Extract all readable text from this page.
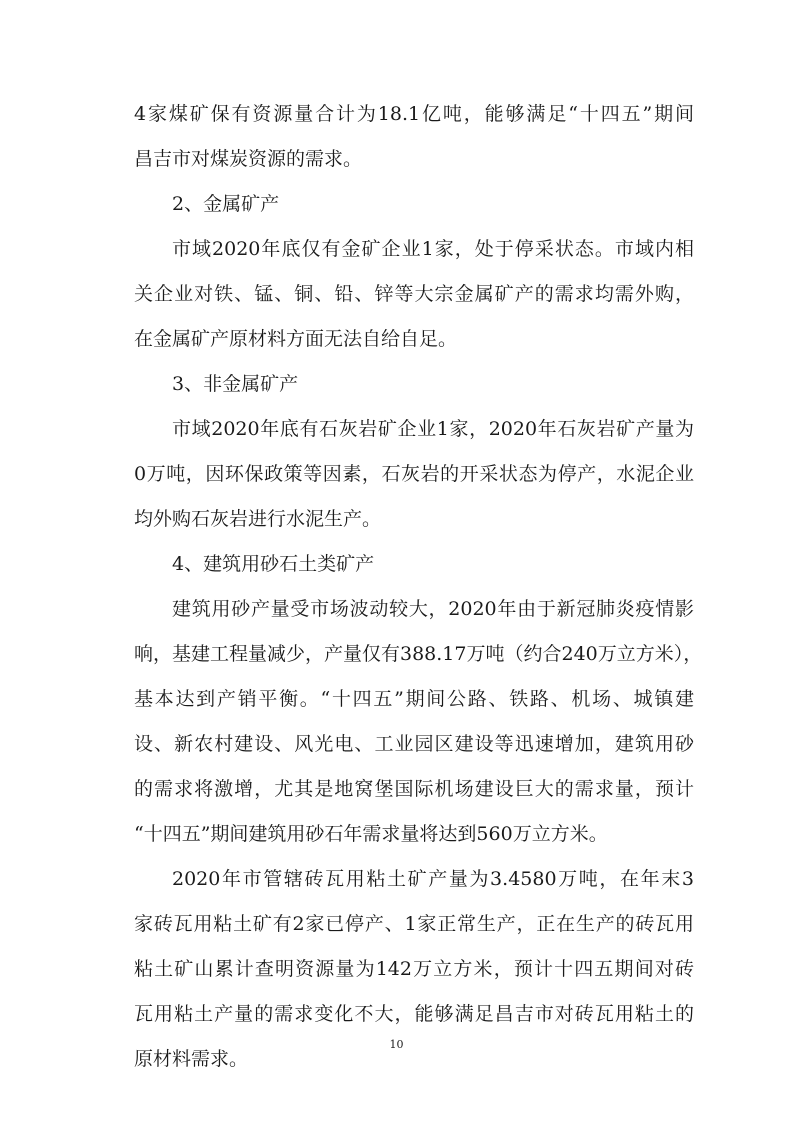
4家煤矿保有资源量合计为18.1亿吨，能够满足“十四五”期间
昌吉市对煤炭资源的需求。
2、金属矿产
市域2020年底仅有金矿企业1家，处于停采状态。市域内相
关企业对铁、锰、铜、铅、锌等大宗金属矿产的需求均需外购，
在金属矿产原材料方面无法自给自足。
3、非金属矿产
市域2020年底有石灰岩矿企业1家，2020年石灰岩矿产量为
0万吨，因环保政策等因素，石灰岩的开采状态为停产，水泥企业
均外购石灰岩进行水泥生产。
4、建筑用砂石土类矿产
建筑用砂产量受市场波动较大，2020年由于新冠肺炎疫情影
响，基建工程量减少，产量仅有388.17万吨（约合240万立方米），
基本达到产销平衡。“十四五”期间公路、铁路、机场、城镇建
设、新农村建设、风光电、工业园区建设等迅速增加，建筑用砂
的需求将激增，尤其是地窝堡国际机场建设巨大的需求量，预计
“十四五”期间建筑用砂石年需求量将达到560万立方米。
2020年市管辖砖瓦用粘土矿产量为3.4580万吨，在年末3
家砖瓦用粘土矿有2家已停产、1家正常生产，正在生产的砖瓦用
粘土矿山累计查明资源量为142万立方米，预计十四五期间对砖
瓦用粘土产量的需求变化不大，能够满足昌吉市对砖瓦用粘土的
原材料需求。
10
